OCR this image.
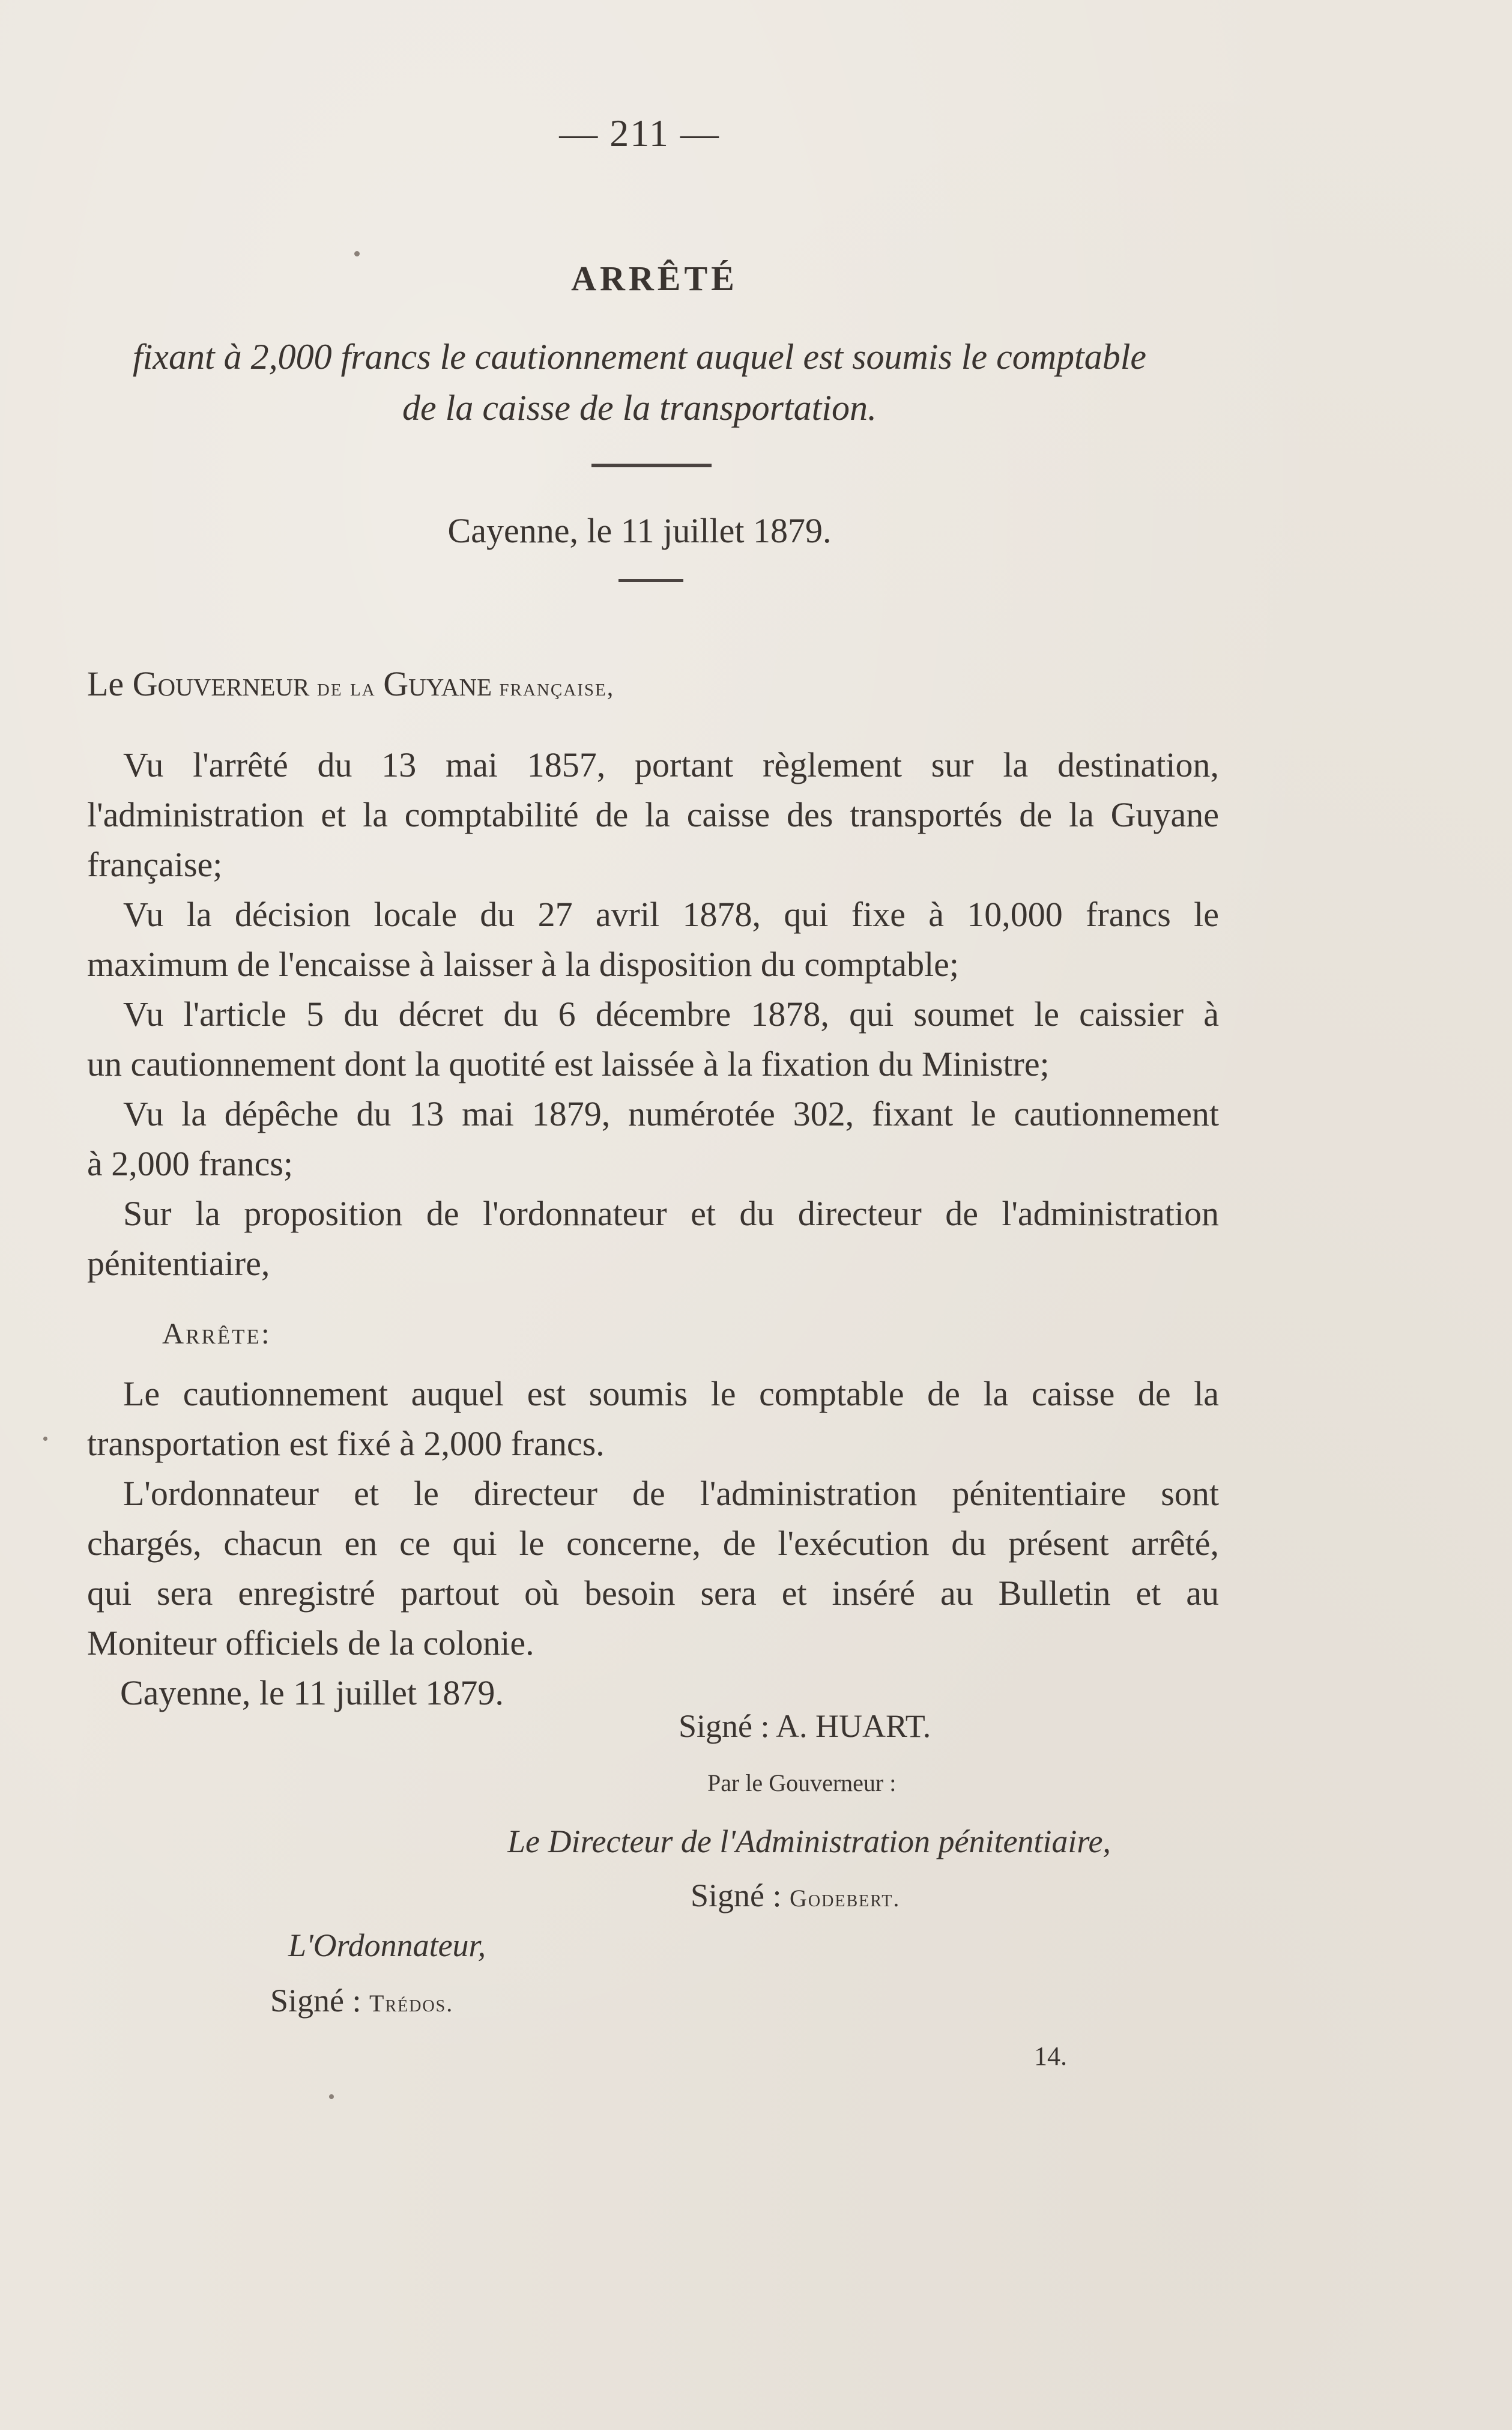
— 211 —
ARRÊTÉ
fixant à 2,000 francs le cautionnement auquel est soumis le comptable
de la caisse de la transportation.
Cayenne, le 11 juillet 1879.
Le Gouverneur de la Guyane française,
Vu l'arrêté du 13 mai 1857, portant règlement sur la destination,
l'administration et la comptabilité de la caisse des transportés de la Guyane
française;
Vu la décision locale du 27 avril 1878, qui fixe à 10,000 francs le
maximum de l'encaisse à laisser à la disposition du comptable;
Vu l'article 5 du décret du 6 décembre 1878, qui soumet le caissier à
un cautionnement dont la quotité est laissée à la fixation du Ministre;
Vu la dépêche du 13 mai 1879, numérotée 302, fixant le cautionnement
à 2,000 francs;
Sur la proposition de l'ordonnateur et du directeur de l'administration
pénitentiaire,
Arrête:
Le cautionnement auquel est soumis le comptable de la caisse de la
transportation est fixé à 2,000 francs.
L'ordonnateur et le directeur de l'administration pénitentiaire sont
chargés, chacun en ce qui le concerne, de l'exécution du présent arrêté,
qui sera enregistré partout où besoin sera et inséré au Bulletin et au
Moniteur officiels de la colonie.
Cayenne, le 11 juillet 1879.
Signé : A. HUART.
Par le Gouverneur :
Le Directeur de l'Administration pénitentiaire,
Signé : Godebert.
L'Ordonnateur,
Signé : Trédos.
14.
